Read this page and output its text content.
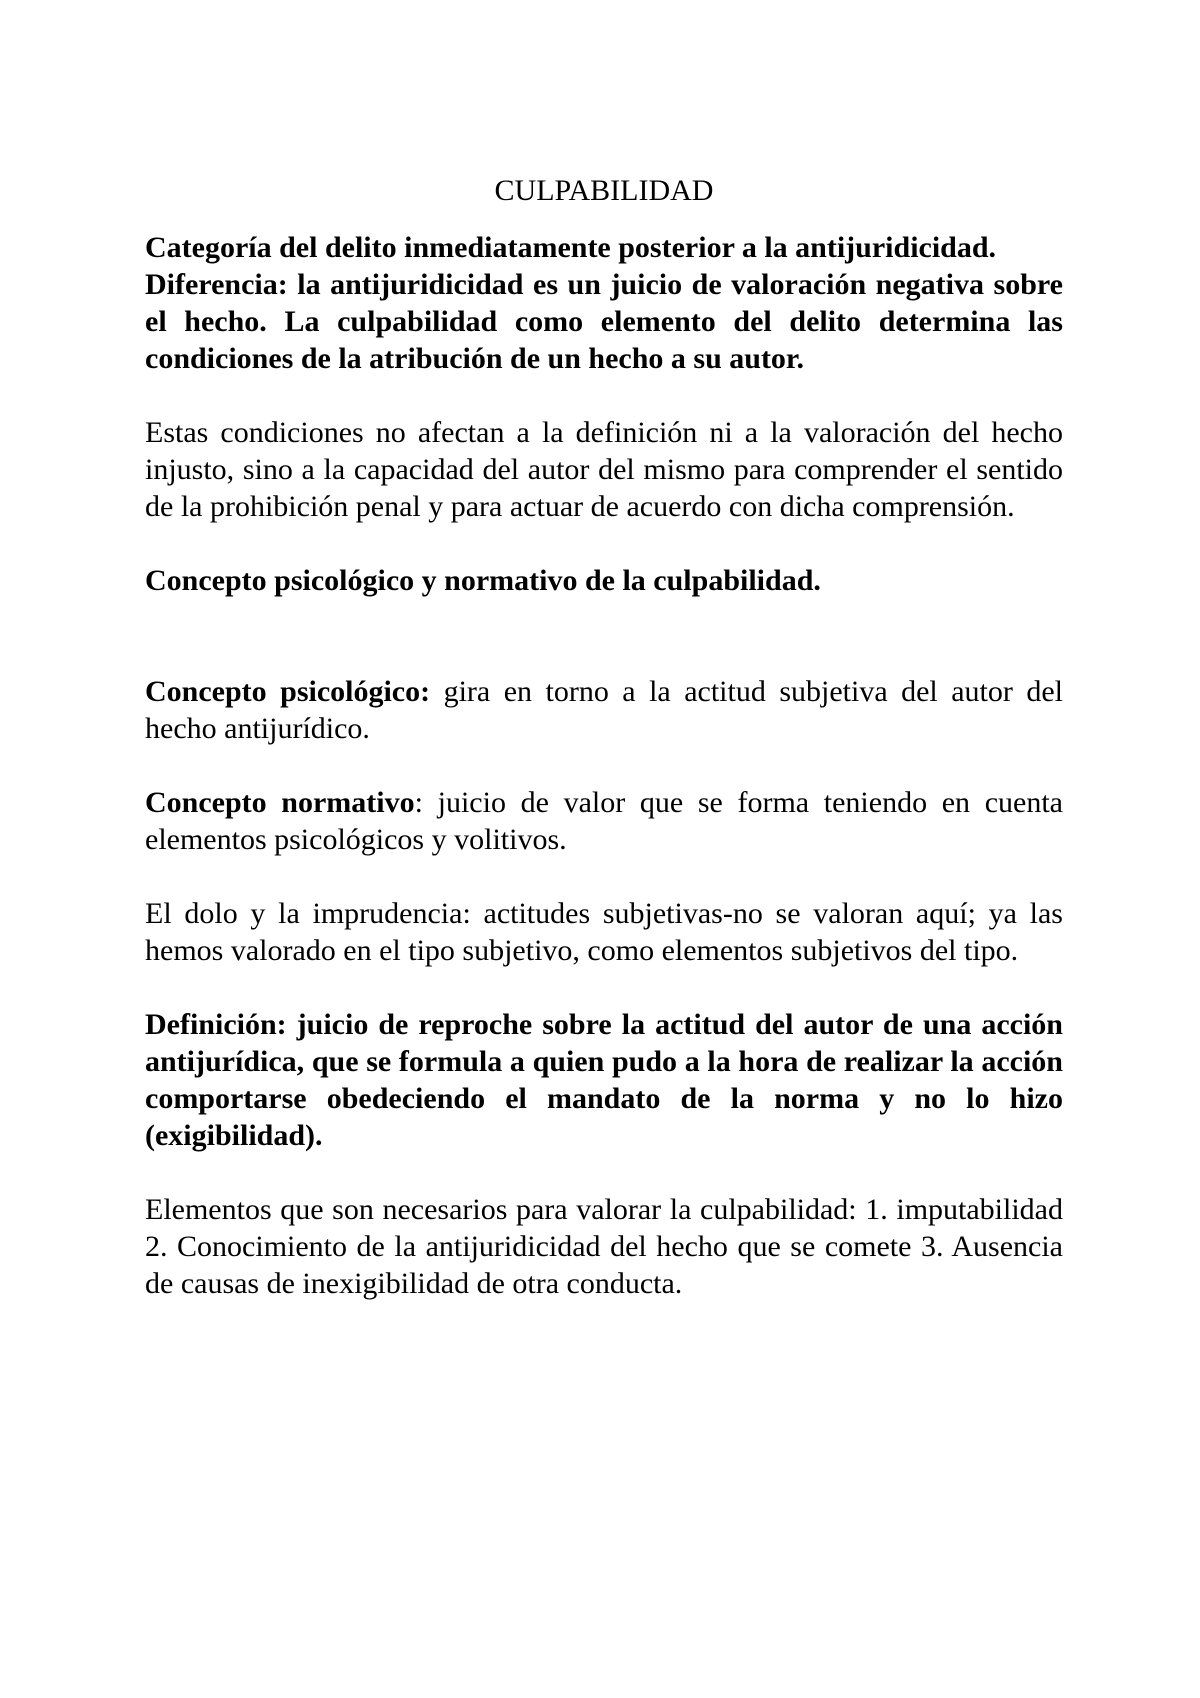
CULPABILIDAD

Categoría del delito inmediatamente posterior a la antijuridicidad.

Diferencia: la antijuridicidad es un juicio de valoración negativa sobre el hecho. La culpabilidad como elemento del delito determina las condiciones de la atribución de un hecho a su autor.

Estas condiciones no afectan a la definición ni a la valoración del hecho injusto, sino a la capacidad del autor del mismo para comprender el sentido de la prohibición penal y para actuar de acuerdo con dicha comprensión.

Concepto psicológico y normativo de la culpabilidad.

Concepto psicológico: gira en torno a la actitud subjetiva del autor del hecho antijurídico.

Concepto normativo: juicio de valor que se forma teniendo en cuenta elementos psicológicos y volitivos.

El dolo y la imprudencia: actitudes subjetivas-no se valoran aquí; ya las hemos valorado en el tipo subjetivo, como elementos subjetivos del tipo.

Definición: juicio de reproche sobre la actitud del autor de una acción antijurídica, que se formula a quien pudo a la hora de realizar la acción comportarse obedeciendo el mandato de la norma y no lo hizo (exigibilidad).

Elementos que son necesarios para valorar la culpabilidad: 1. imputabilidad 2. Conocimiento de la antijuridicidad del hecho que se comete 3. Ausencia de causas de inexigibilidad de otra conducta.
